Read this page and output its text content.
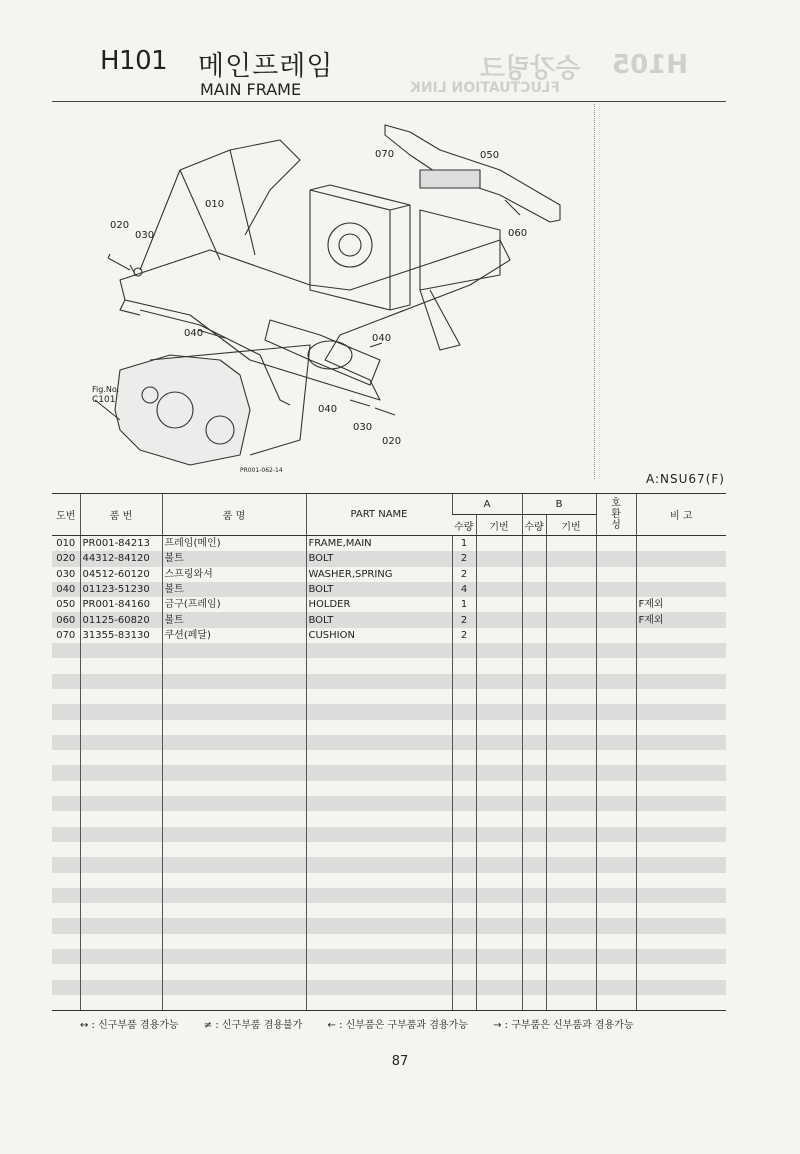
H105
승강링크
FLUCTUATION LINK
H101 메인프레임
MAIN FRAME
070	050
010
020
030	060
040	040
040
030
020
Fig.No.
C101
PR001-062-14
A:NSU67(F)
도번	품 번	품 명	PART NAME	A		B		호
환
성	비 고
				수량	기번	수량	기번		
010	PR001-84213	프레임(메인)	FRAME,MAIN	1					
020	44312-84120	볼트	BOLT	2					
030	04512-60120	스프링와셔	WASHER,SPRING	2					
040	01123-51230	볼트	BOLT	4					
050	PR001-84160	금구(프레임)	HOLDER	1					F제외
060	01125-60820	볼트	BOLT	2					F제외
070	31355-83130	쿠션(페달)	CUSHION	2					

↔ : 신구부품 겸용가능	≠ : 신구부품 겸용불가	← : 신부품은 구부품과 겸용가능	→ : 구부품은 신부품과 겸용가능
87
